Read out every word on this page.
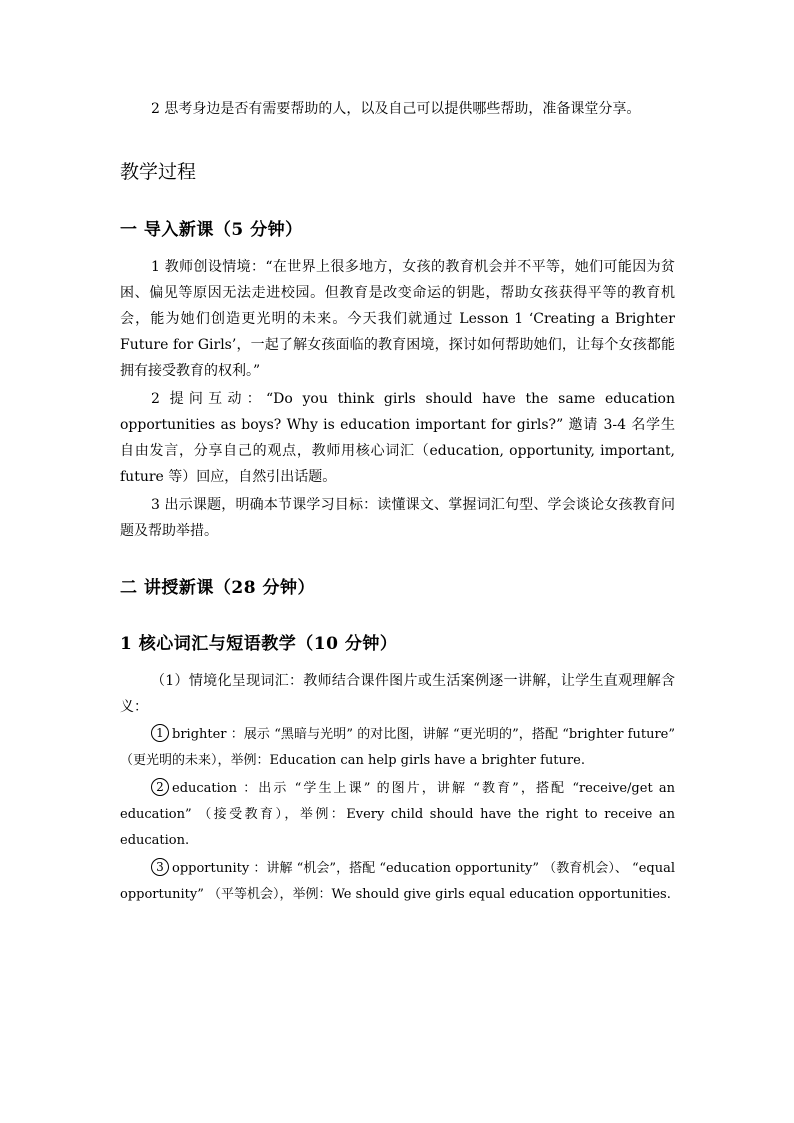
2 思考身边是否有需要帮助的人，以及自己可以提供哪些帮助，准备课堂分享。

教学过程
一 导入新课（5 分钟）

1 教师创设情境：“在世界上很多地方，女孩的教育机会并不平等，她们可能因为贫困、偏见等原因无法走进校园。但教育是改变命运的钥匙，帮助女孩获得平等的教育机会，能为她们创造更光明的未来。今天我们就通过 Lesson 1 ‘Creating a Brighter Future for Girls’，一起了解女孩面临的教育困境，探讨如何帮助她们，让每个女孩都能拥有接受教育的权利。”

2 提问互动：“Do you think girls should have the same education opportunities as boys? Why is education important for girls?” 邀请 3-4 名学生自由发言，分享自己的观点，教师用核心词汇（education, opportunity, important, future 等）回应，自然引出话题。

3 出示课题，明确本节课学习目标：读懂课文、掌握词汇句型、学会谈论女孩教育问题及帮助举措。

二 讲授新课（28 分钟）
1 核心词汇与短语教学（10 分钟）

（1）情境化呈现词汇：教师结合课件图片或生活案例逐一讲解，让学生直观理解含义：

1 brighter ：展示 “黑暗与光明” 的对比图，讲解 “更光明的”，搭配 “brighter future” （更光明的未来），举例：Education can help girls have a brighter future.

2 education ：出示 “学生上课” 的图片，讲解 “教育”，搭配 “receive/get an education” （接受教育），举例：Every child should have the right to receive an education.

3 opportunity ：讲解 “机会”，搭配 “education opportunity” （教育机会）、 “equal opportunity” （平等机会），举例：We should give girls equal education opportunities.
